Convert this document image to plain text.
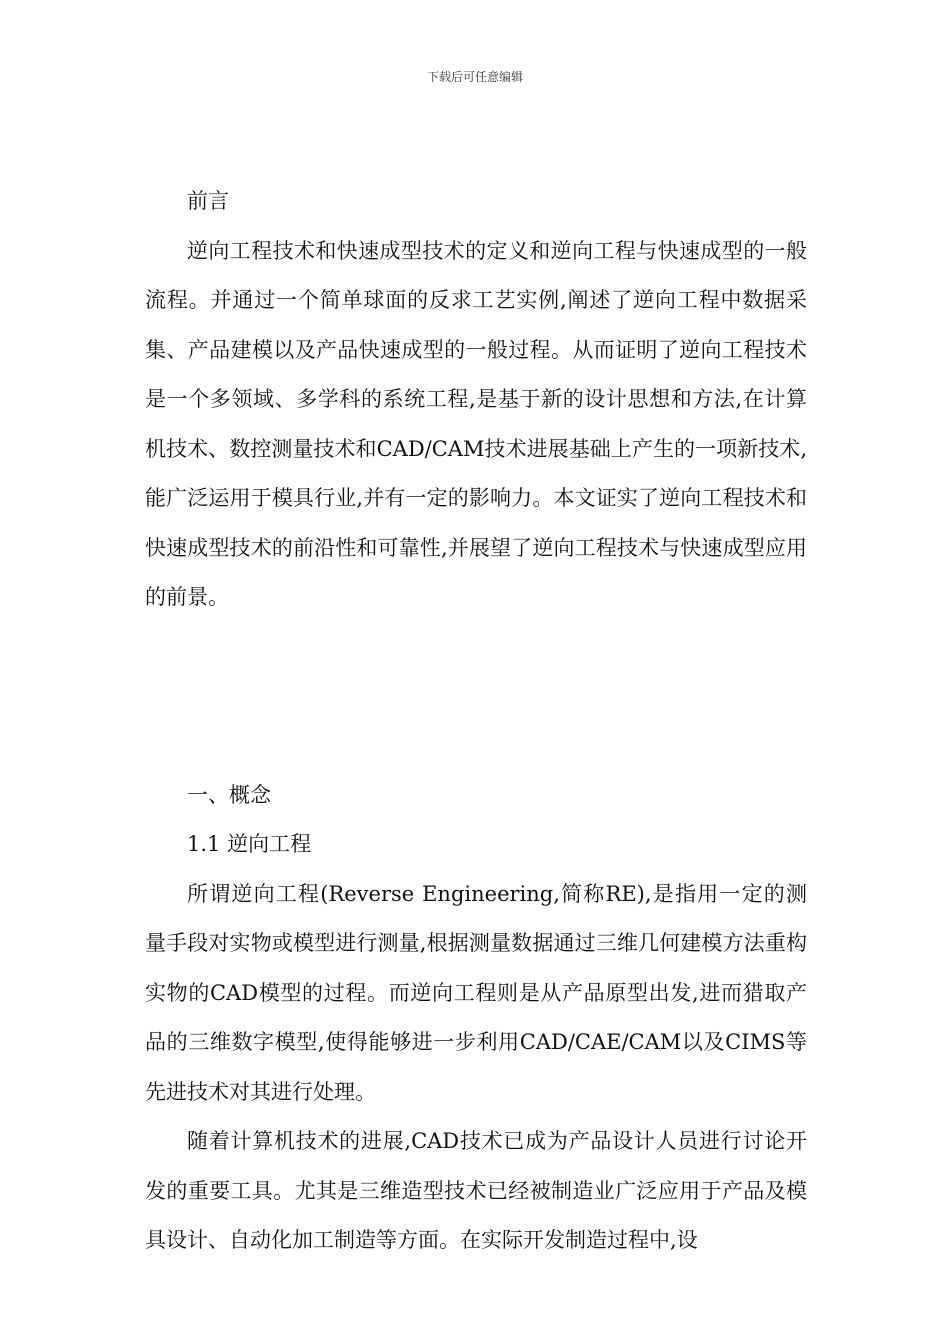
下载后可任意编辑

前言

逆向工程技术和快速成型技术的定义和逆向工程与快速成型的一般流程。并通过一个简单球面的反求工艺实例,阐述了逆向工程中数据采集、产品建模以及产品快速成型的一般过程。从而证明了逆向工程技术是一个多领域、多学科的系统工程,是基于新的设计思想和方法,在计算机技术、数控测量技术和CAD/CAM技术进展基础上产生的一项新技术,能广泛运用于模具行业,并有一定的影响力。本文证实了逆向工程技术和快速成型技术的前沿性和可靠性,并展望了逆向工程技术与快速成型应用的前景。

一、概念

1.1 逆向工程

所谓逆向工程(Reverse Engineering,简称RE),是指用一定的测量手段对实物或模型进行测量,根据测量数据通过三维几何建模方法重构实物的CAD模型的过程。而逆向工程则是从产品原型出发,进而猎取产品的三维数字模型,使得能够进一步利用CAD/CAE/CAM以及CIMS等先进技术对其进行处理。

随着计算机技术的进展,CAD技术已成为产品设计人员进行讨论开发的重要工具。尤其是三维造型技术已经被制造业广泛应用于产品及模具设计、自动化加工制造等方面。在实际开发制造过程中,设
